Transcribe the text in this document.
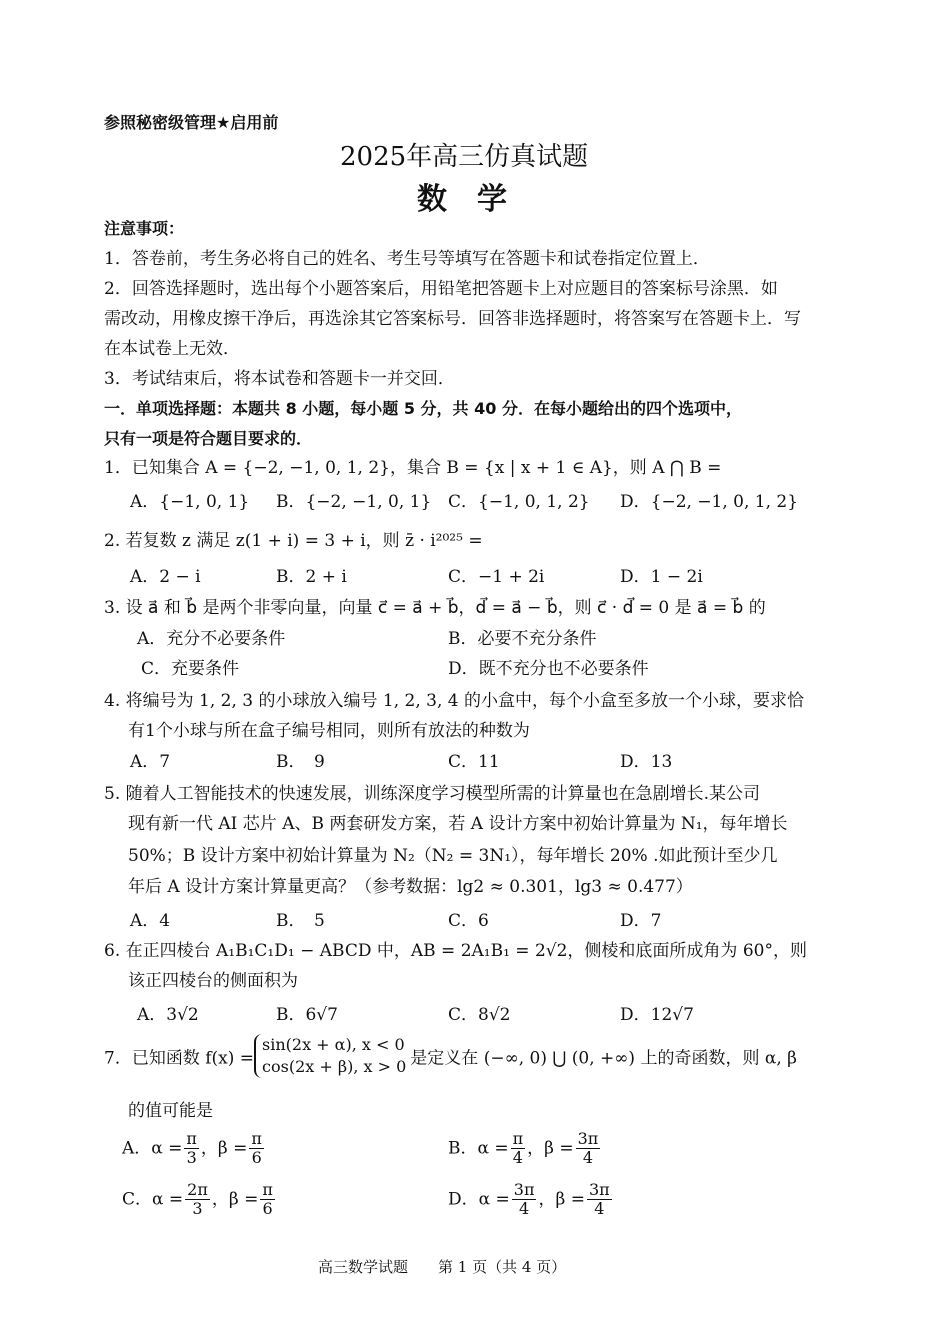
参照秘密级管理★启用前
2025年高三仿真试题
数　学
注意事项：
1．答卷前，考生务必将自己的姓名、考生号等填写在答题卡和试卷指定位置上．
2．回答选择题时，选出每个小题答案后，用铅笔把答题卡上对应题目的答案标号涂黑．如
需改动，用橡皮擦干净后，再选涂其它答案标号．回答非选择题时，将答案写在答题卡上．写
在本试卷上无效．
3．考试结束后，将本试卷和答题卡一并交回．
一．单项选择题：本题共 8 小题，每小题 5 分，共 40 分．在每小题给出的四个选项中，
只有一项是符合题目要求的．
1．已知集合 A = {−2, −1, 0, 1, 2}，集合 B = {x | x + 1 ∈ A}，则 A ⋂ B =
A．{−1, 0, 1} B．{−2, −1, 0, 1} C．{−1, 0, 1, 2} D．{−2, −1, 0, 1, 2}
2. 若复数 z 满足 z(1 + i) = 3 + i，则 z̄ · i²⁰²⁵ =
A．2 − i	B．2 + i	C．−1 + 2i	D．1 − 2i
3. 设 a⃗ 和 b⃗ 是两个非零向量，向量 c⃗ = a⃗ + b⃗，d⃗ = a⃗ − b⃗，则 c⃗ · d⃗ = 0 是 a⃗ = b⃗ 的
A．充分不必要条件	B．必要不充分条件
C．充要条件	D．既不充分也不必要条件
4. 将编号为 1, 2, 3 的小球放入编号 1, 2, 3, 4 的小盒中，每个小盒至多放一个小球，要求恰
有1个小球与所在盒子编号相同，则所有放法的种数为
A．7	B．　9	C．11	D．13
5. 随着人工智能技术的快速发展，训练深度学习模型所需的计算量也在急剧增长.某公司
现有新一代 AI 芯片 A、B 两套研发方案，若 A 设计方案中初始计算量为 N₁，每年增长
50%；B 设计方案中初始计算量为 N₂（N₂ = 3N₁），每年增长 20% .如此预计至少几
年后 A 设计方案计算量更高？（参考数据：lg2 ≈ 0.301，lg3 ≈ 0.477）
A．4	B．　5	C．6	D．7
6. 在正四棱台 A₁B₁C₁D₁ − ABCD 中，AB = 2A₁B₁ = 2√2，侧棱和底面所成角为 60°，则
该正四棱台的侧面积为
A．3√2	B．6√7	C．8√2	D．12√7
7．已知函数 f(x) =
sin(2x + α), x < 0
cos(2x + β), x > 0 是定义在 (−∞, 0) ⋃ (0, +∞) 上的奇函数，则 α, β
的值可能是
A．$\alpha = \frac{\pi}{3}$ ，$\beta = \frac{\pi}{6}$	B．$\alpha = \frac{\pi}{4}$ ，$\beta = \frac{3\pi}{4}$
C．$\alpha = \frac{2\pi}{3}$ ，$\beta = \frac{\pi}{6}$	D．$\alpha = \frac{3\pi}{4}$ ，$\beta = \frac{3\pi}{4}$
高三数学试题　　第 1 页（共 4 页）
